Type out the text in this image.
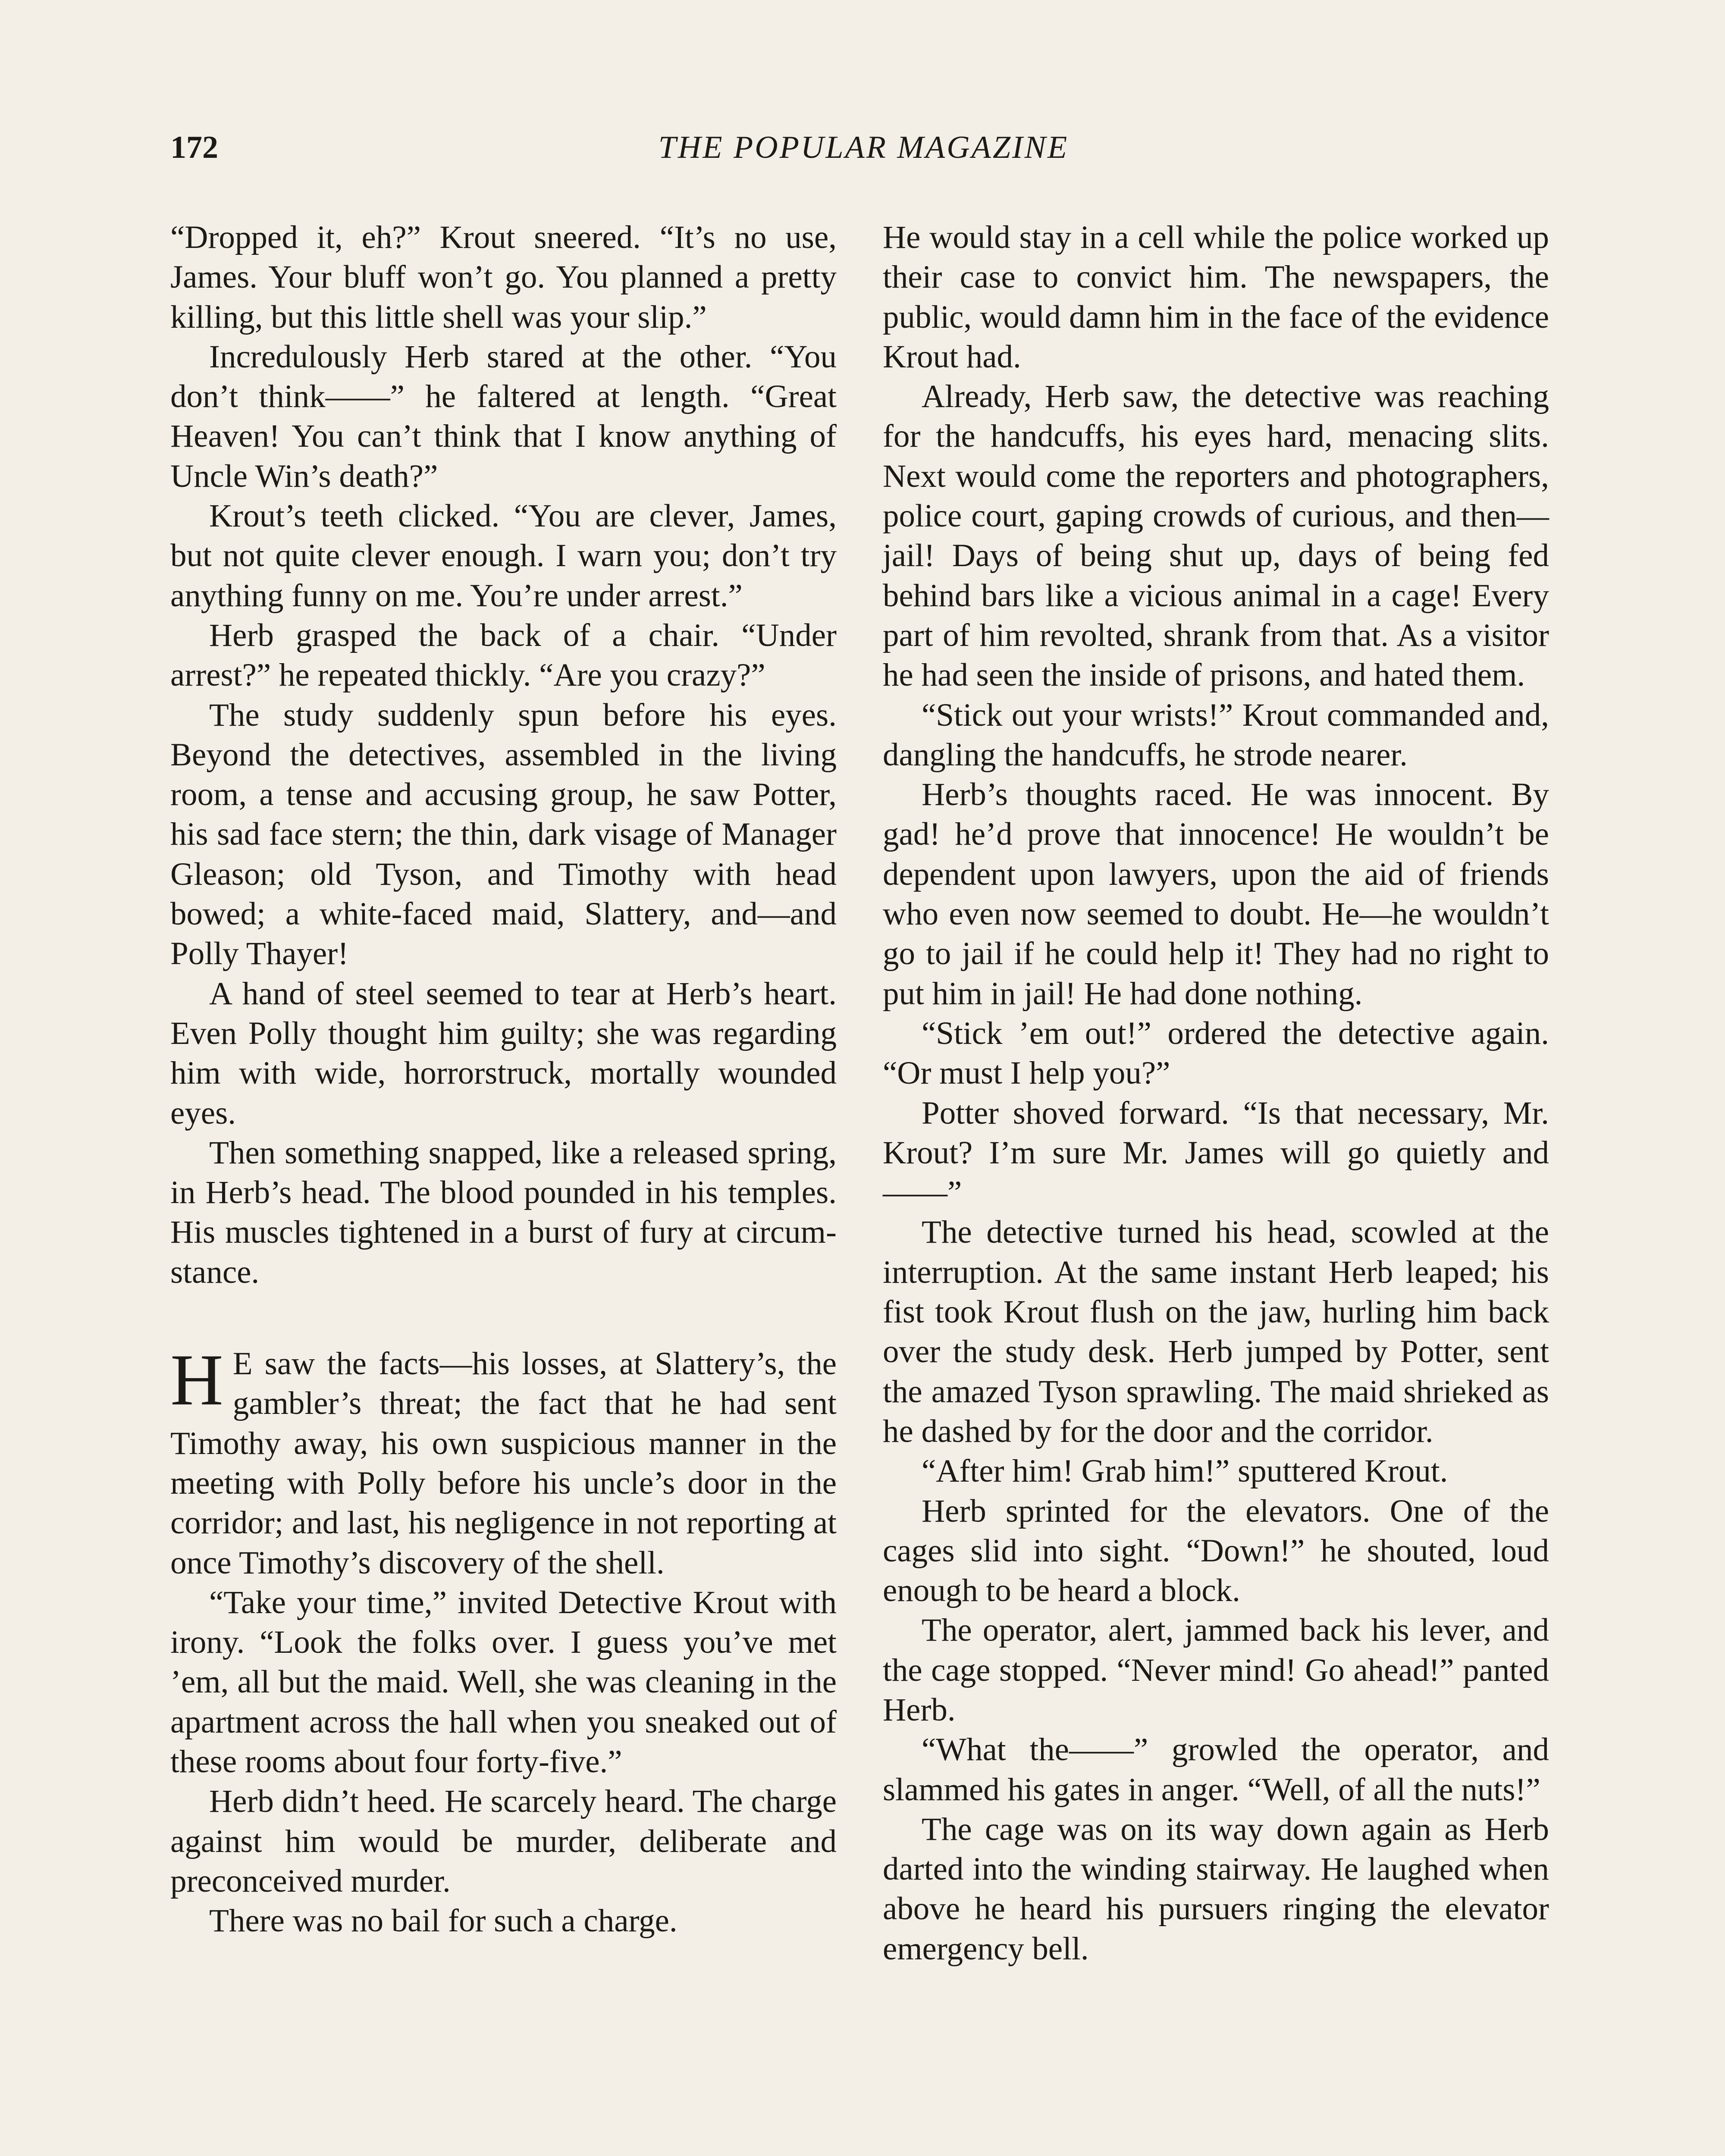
172	THE POPULAR MAGAZINE

“Dropped it, eh?” Krout sneered. “It’s no use, James. Your bluff won’t go. You planned a pretty killing, but this little shell was your slip.”

Incredulously Herb stared at the other. “You don’t think——” he faltered at length. “Great Heaven! You can’t think that I know anything of Uncle Win’s death?”

Krout’s teeth clicked. “You are clever, James, but not quite clever enough. I warn you; don’t try anything funny on me. You’re under arrest.”

Herb grasped the back of a chair. “Under arrest?” he repeated thickly. “Are you crazy?”

The study suddenly spun before his eyes. Beyond the detectives, assembled in the living room, a tense and accusing group, he saw Potter, his sad face stern; the thin, dark visage of Manager Gleason; old Tyson, and Timothy with head bowed; a white-faced maid, Slattery, and—and Polly Thayer!

A hand of steel seemed to tear at Herb’s heart. Even Polly thought him guilty; she was regarding him with wide, horrorstruck, mortally wounded eyes.

Then something snapped, like a released spring, in Herb’s head. The blood pounded in his temples. His muscles tightened in a burst of fury at circumstance.

H E saw the facts—his losses, at Slattery’s, the gambler’s threat; the fact that he had sent Timothy away, his own suspicious manner in the meeting with Polly before his uncle’s door in the corridor; and last, his negligence in not reporting at once Timothy’s discovery of the shell.

“Take your time,” invited Detective Krout with irony. “Look the folks over. I guess you’ve met ’em, all but the maid. Well, she was cleaning in the apartment across the hall when you sneaked out of these rooms about four forty-five.”

Herb didn’t heed. He scarcely heard. The charge against him would be murder, deliberate and preconceived murder.

There was no bail for such a charge.

He would stay in a cell while the police worked up their case to convict him. The newspapers, the public, would damn him in the face of the evidence Krout had.

Already, Herb saw, the detective was reaching for the handcuffs, his eyes hard, menacing slits. Next would come the reporters and photographers, police court, gaping crowds of curious, and then—jail! Days of being shut up, days of being fed behind bars like a vicious animal in a cage! Every part of him revolted, shrank from that. As a visitor he had seen the inside of prisons, and hated them.

“Stick out your wrists!” Krout commanded and, dangling the handcuffs, he strode nearer.

Herb’s thoughts raced. He was innocent. By gad! he’d prove that innocence! He wouldn’t be dependent upon lawyers, upon the aid of friends who even now seemed to doubt. He—he wouldn’t go to jail if he could help it! They had no right to put him in jail! He had done nothing.

“Stick ’em out!” ordered the detective again. “Or must I help you?”

Potter shoved forward. “Is that necessary, Mr. Krout? I’m sure Mr. James will go quietly and——”

The detective turned his head, scowled at the interruption. At the same instant Herb leaped; his fist took Krout flush on the jaw, hurling him back over the study desk. Herb jumped by Potter, sent the amazed Tyson sprawling. The maid shrieked as he dashed by for the door and the corridor.

“After him! Grab him!” sputtered Krout.

Herb sprinted for the elevators. One of the cages slid into sight. “Down!” he shouted, loud enough to be heard a block.

The operator, alert, jammed back his lever, and the cage stopped. “Never mind! Go ahead!” panted Herb.

“What the——” growled the operator, and slammed his gates in anger. “Well, of all the nuts!”

The cage was on its way down again as Herb darted into the winding stairway. He laughed when above he heard his pursuers ringing the elevator emergency bell.
